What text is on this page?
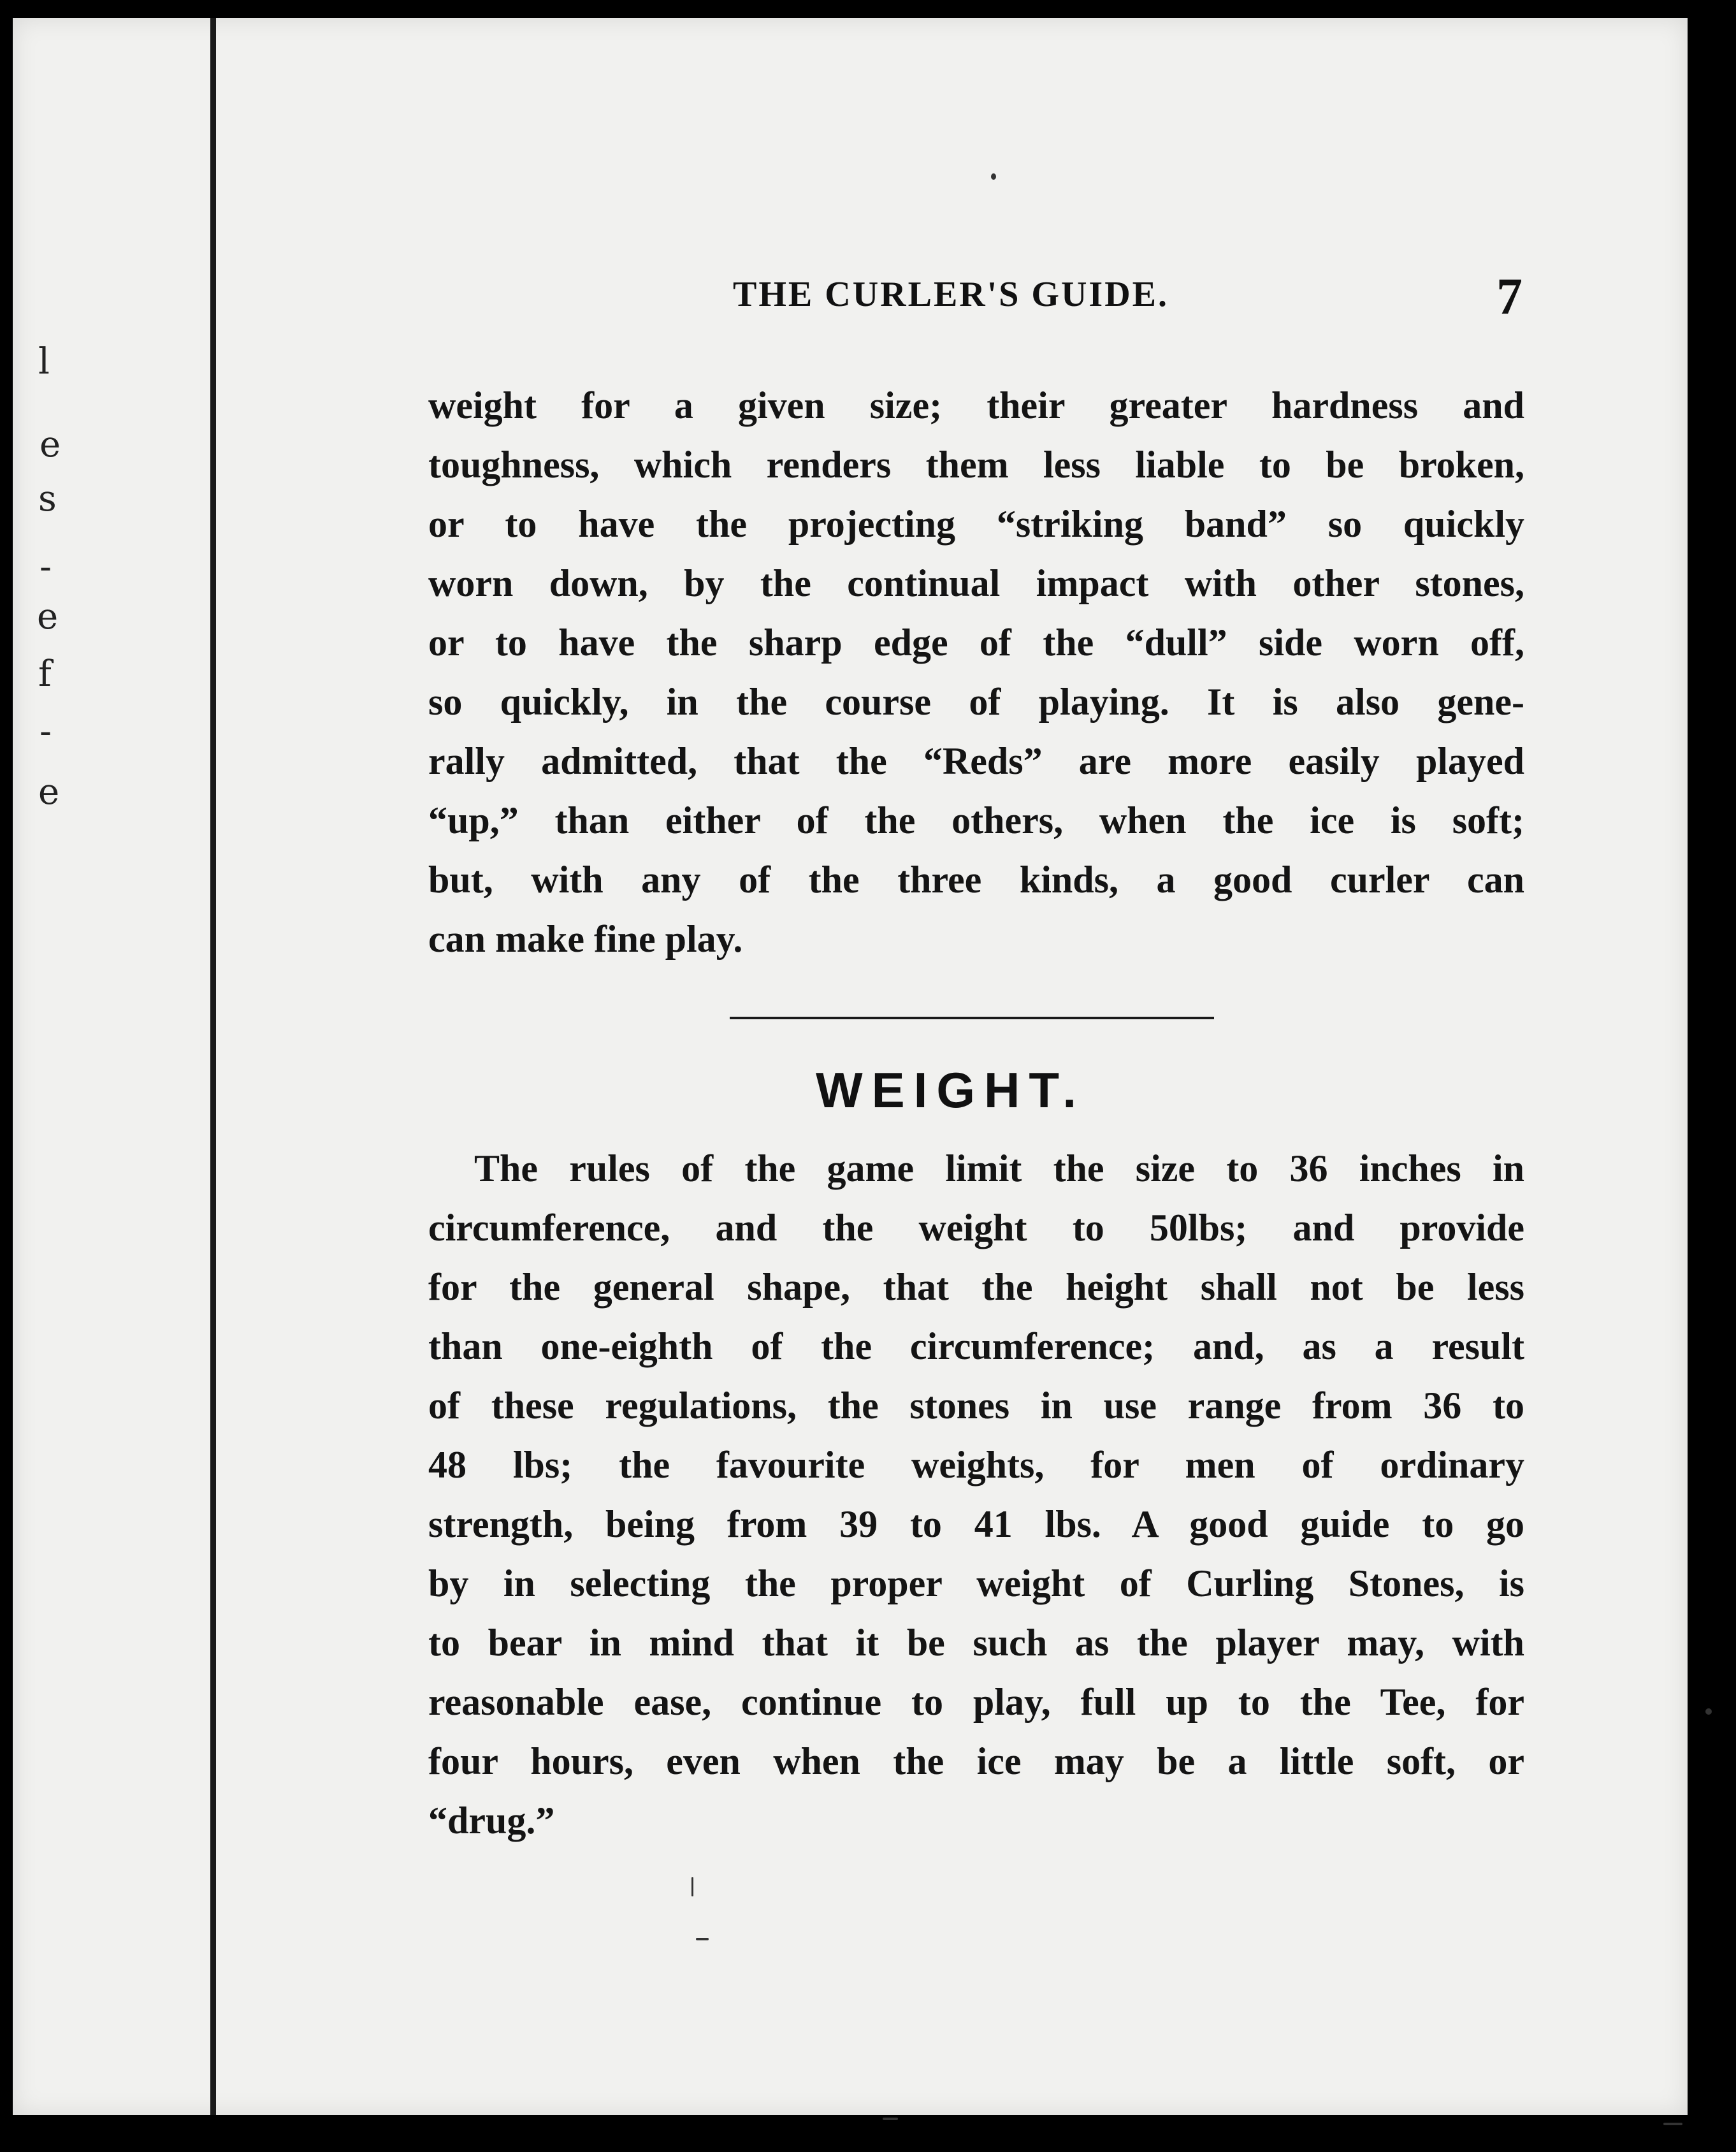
l
e
s
-
e
f
-
e
THE CURLER'S GUIDE.	7
weight for a given size; their greater hardness and
toughness, which renders them less liable to be broken,
or to have the projecting “striking band” so quickly
worn down, by the continual impact with other stones,
or to have the sharp edge of the “dull” side worn off,
so quickly, in the course of playing. It is also gene-
rally admitted, that the “Reds” are more easily played
“up,” than either of the others, when the ice is soft;
but, with any of the three kinds, a good curler can
can make fine play.
WEIGHT.
The rules of the game limit the size to 36 inches in
circumference, and the weight to 50lbs; and provide
for the general shape, that the height shall not be less
than one-eighth of the circumference; and, as a result
of these regulations, the stones in use range from 36 to
48 lbs; the favourite weights, for men of ordinary
strength, being from 39 to 41 lbs. A good guide to go
by in selecting the proper weight of Curling Stones, is
to bear in mind that it be such as the player may, with
reasonable ease, continue to play, full up to the Tee, for
four hours, even when the ice may be a little soft, or
“drug.”
